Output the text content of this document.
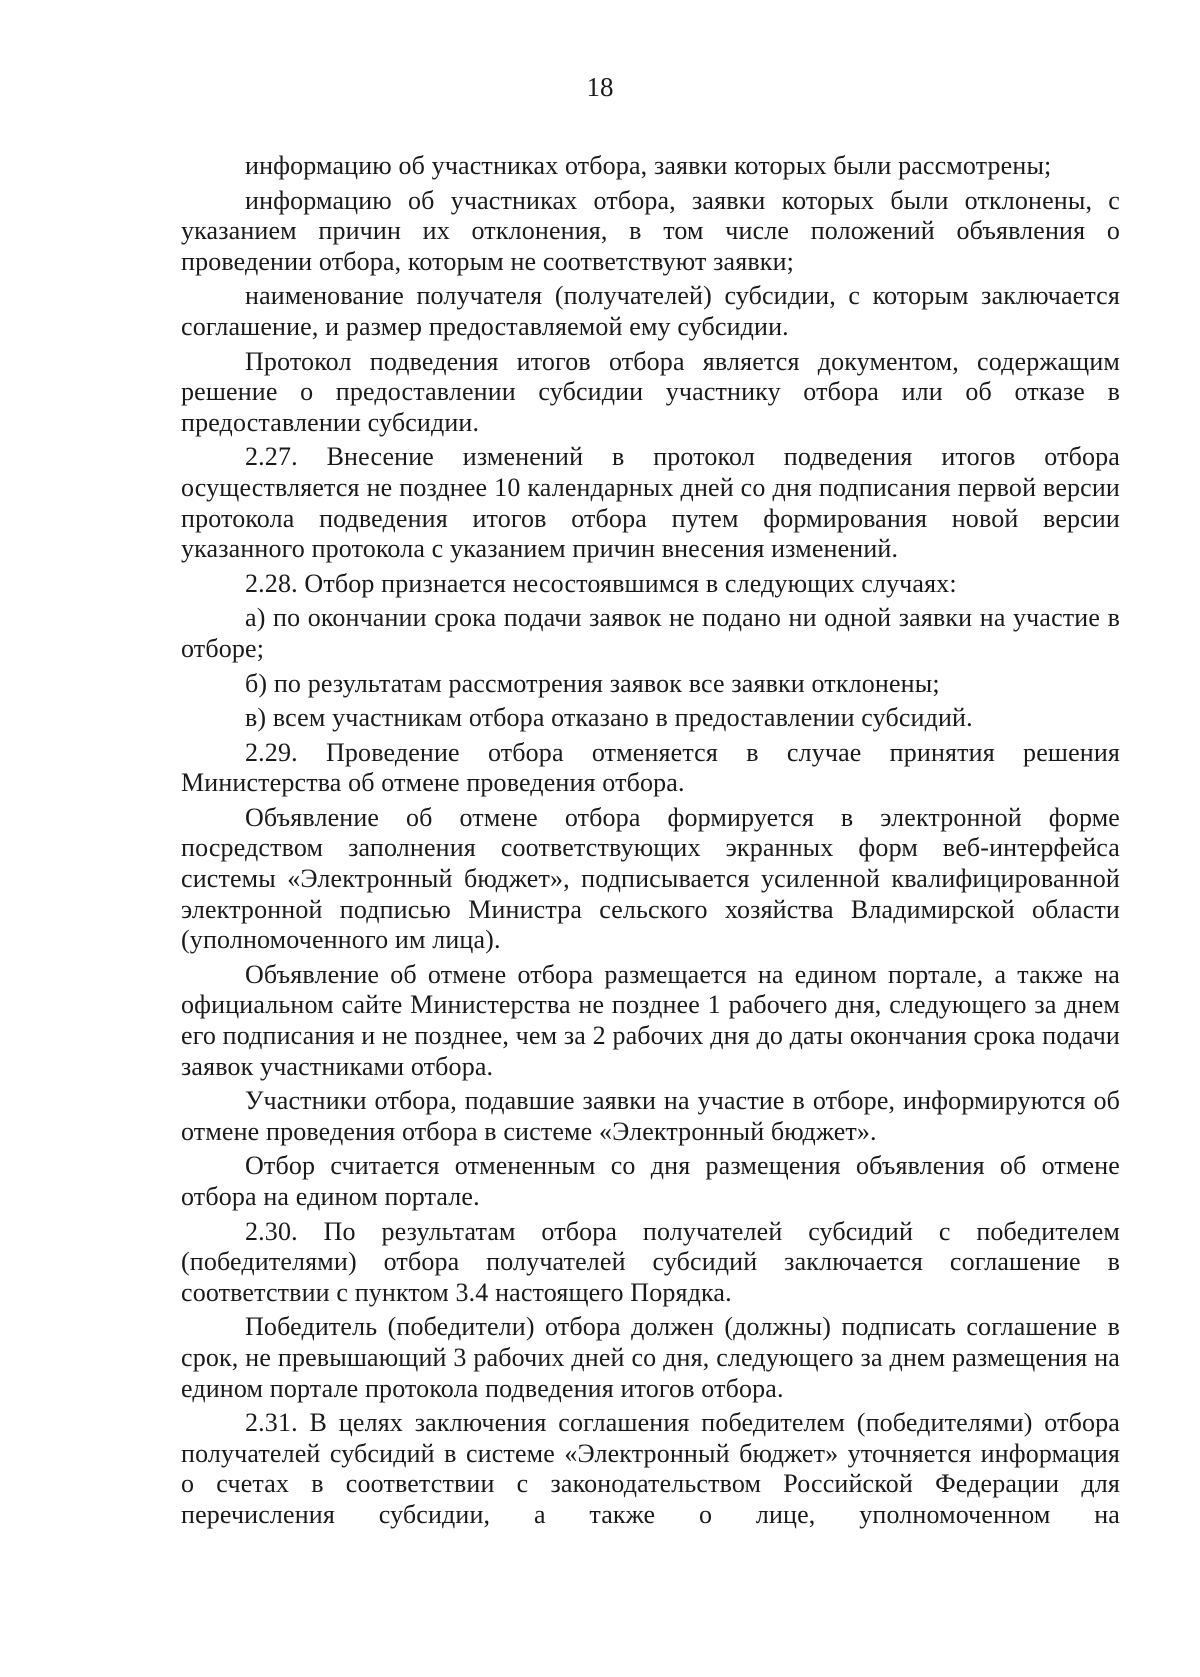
18

информацию об участниках отбора, заявки которых были рассмотрены;

информацию об участниках отбора, заявки которых были отклонены, с указанием причин их отклонения, в том числе положений объявления о проведении отбора, которым не соответствуют заявки;

наименование получателя (получателей) субсидии, с которым заключается соглашение, и размер предоставляемой ему субсидии.

Протокол подведения итогов отбора является документом, содержащим решение о предоставлении субсидии участнику отбора или об отказе в предоставлении субсидии.

2.27. Внесение изменений в протокол подведения итогов отбора осуществляется не позднее 10 календарных дней со дня подписания первой версии протокола подведения итогов отбора путем формирования новой версии указанного протокола с указанием причин внесения изменений.

2.28. Отбор признается несостоявшимся в следующих случаях:

а) по окончании срока подачи заявок не подано ни одной заявки на участие в отборе;

б) по результатам рассмотрения заявок все заявки отклонены;

в) всем участникам отбора отказано в предоставлении субсидий.

2.29. Проведение отбора отменяется в случае принятия решения Министерства об отмене проведения отбора.

Объявление об отмене отбора формируется в электронной форме посредством заполнения соответствующих экранных форм веб-интерфейса системы «Электронный бюджет», подписывается усиленной квалифицированной электронной подписью Министра сельского хозяйства Владимирской области (уполномоченного им лица).

Объявление об отмене отбора размещается на едином портале, а также на официальном сайте Министерства не позднее 1 рабочего дня, следующего за днем его подписания и не позднее, чем за 2 рабочих дня до даты окончания срока подачи заявок участниками отбора.

Участники отбора, подавшие заявки на участие в отборе, информируются об отмене проведения отбора в системе «Электронный бюджет».

Отбор считается отмененным со дня размещения объявления об отмене отбора на едином портале.

2.30. По результатам отбора получателей субсидий с победителем (победителями) отбора получателей субсидий заключается соглашение в соответствии с пунктом 3.4 настоящего Порядка.

Победитель (победители) отбора должен (должны) подписать соглашение в срок, не превышающий 3 рабочих дней со дня, следующего за днем размещения на едином портале протокола подведения итогов отбора.

2.31. В целях заключения соглашения победителем (победителями) отбора получателей субсидий в системе «Электронный бюджет» уточняется информация о счетах в соответствии с законодательством Российской Федерации для перечисления субсидии, а также о лице, уполномоченном на
